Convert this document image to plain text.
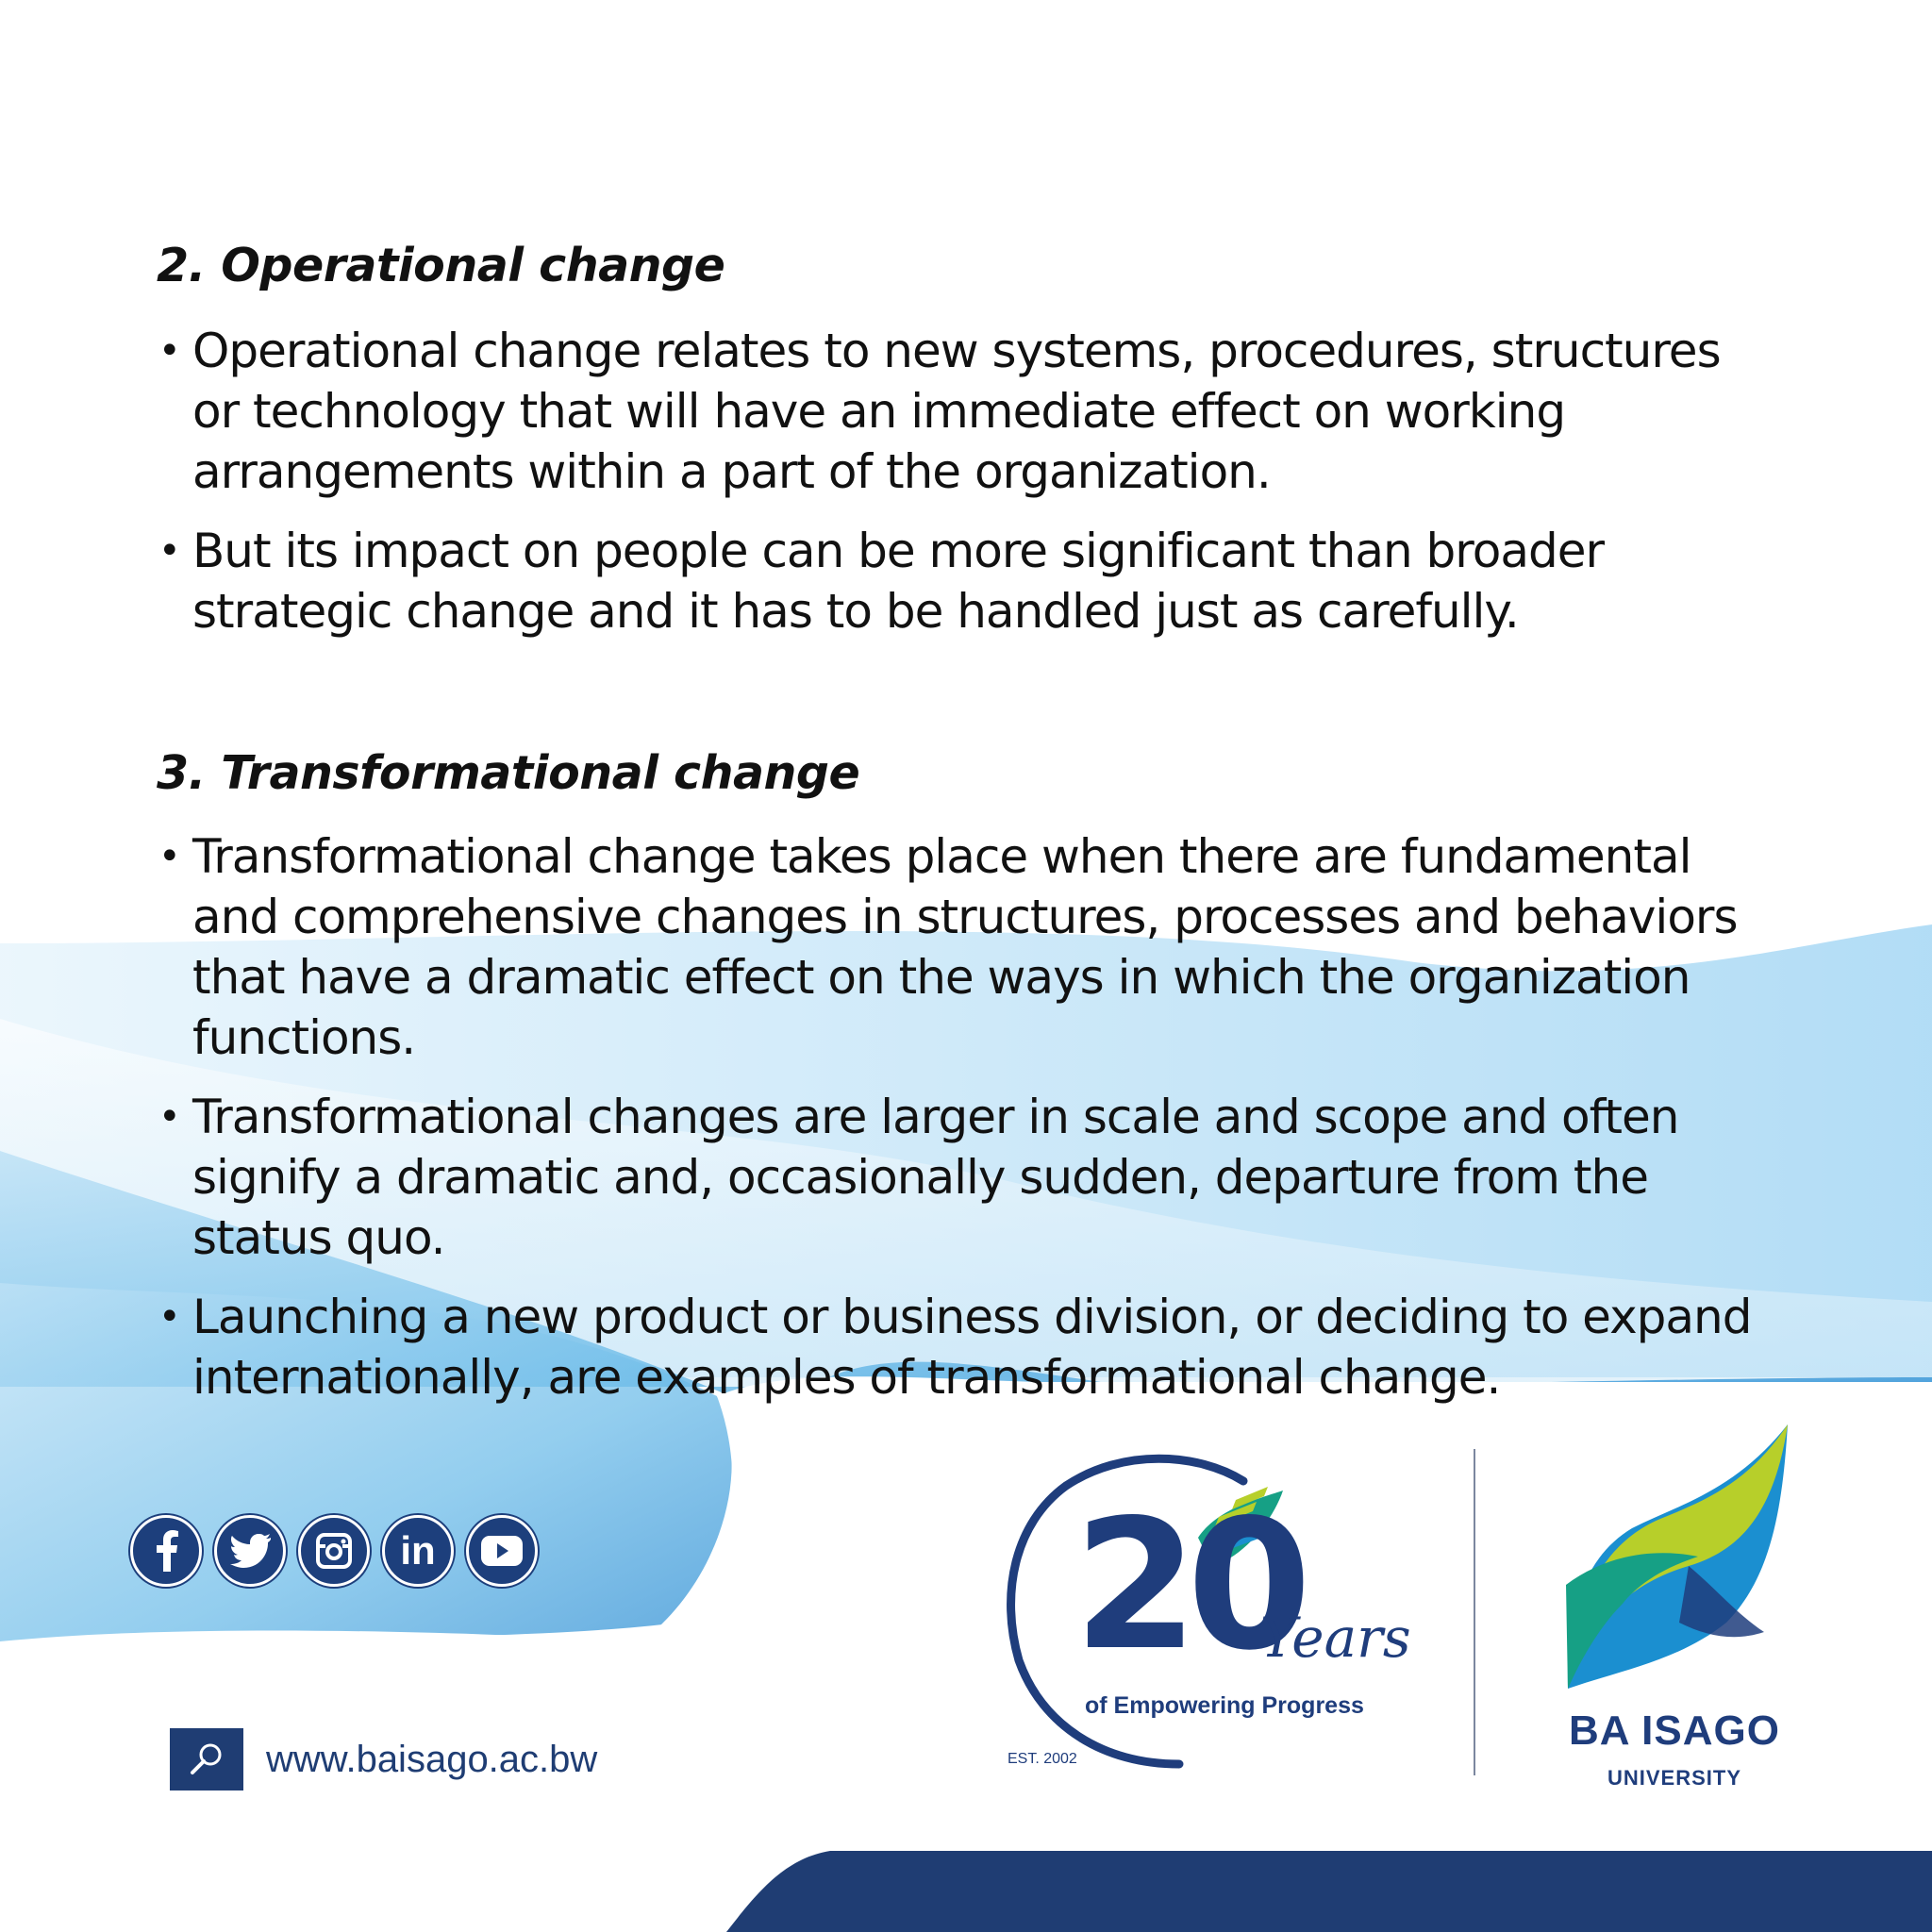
2. Operational change
• Operational change relates to new systems, procedures, structures
or technology that will have an immediate effect on working
arrangements within a part of the organization.
• But its impact on people can be more significant than broader
strategic change and it has to be handled just as carefully.
3. Transformational change
• Transformational change takes place when there are fundamental
and comprehensive changes in structures, processes and behaviors
that have a dramatic effect on the ways in which the organization
functions.
• Transformational changes are larger in scale and scope and often
signify a dramatic and, occasionally sudden, departure from the
status quo.
• Launching a new product or business division, or deciding to expand
internationally, are examples of transformational change.
in
www.baisago.ac.bw
20
Years
of Empowering Progress
EST. 2002
BA ISAGO
UNIVERSITY
